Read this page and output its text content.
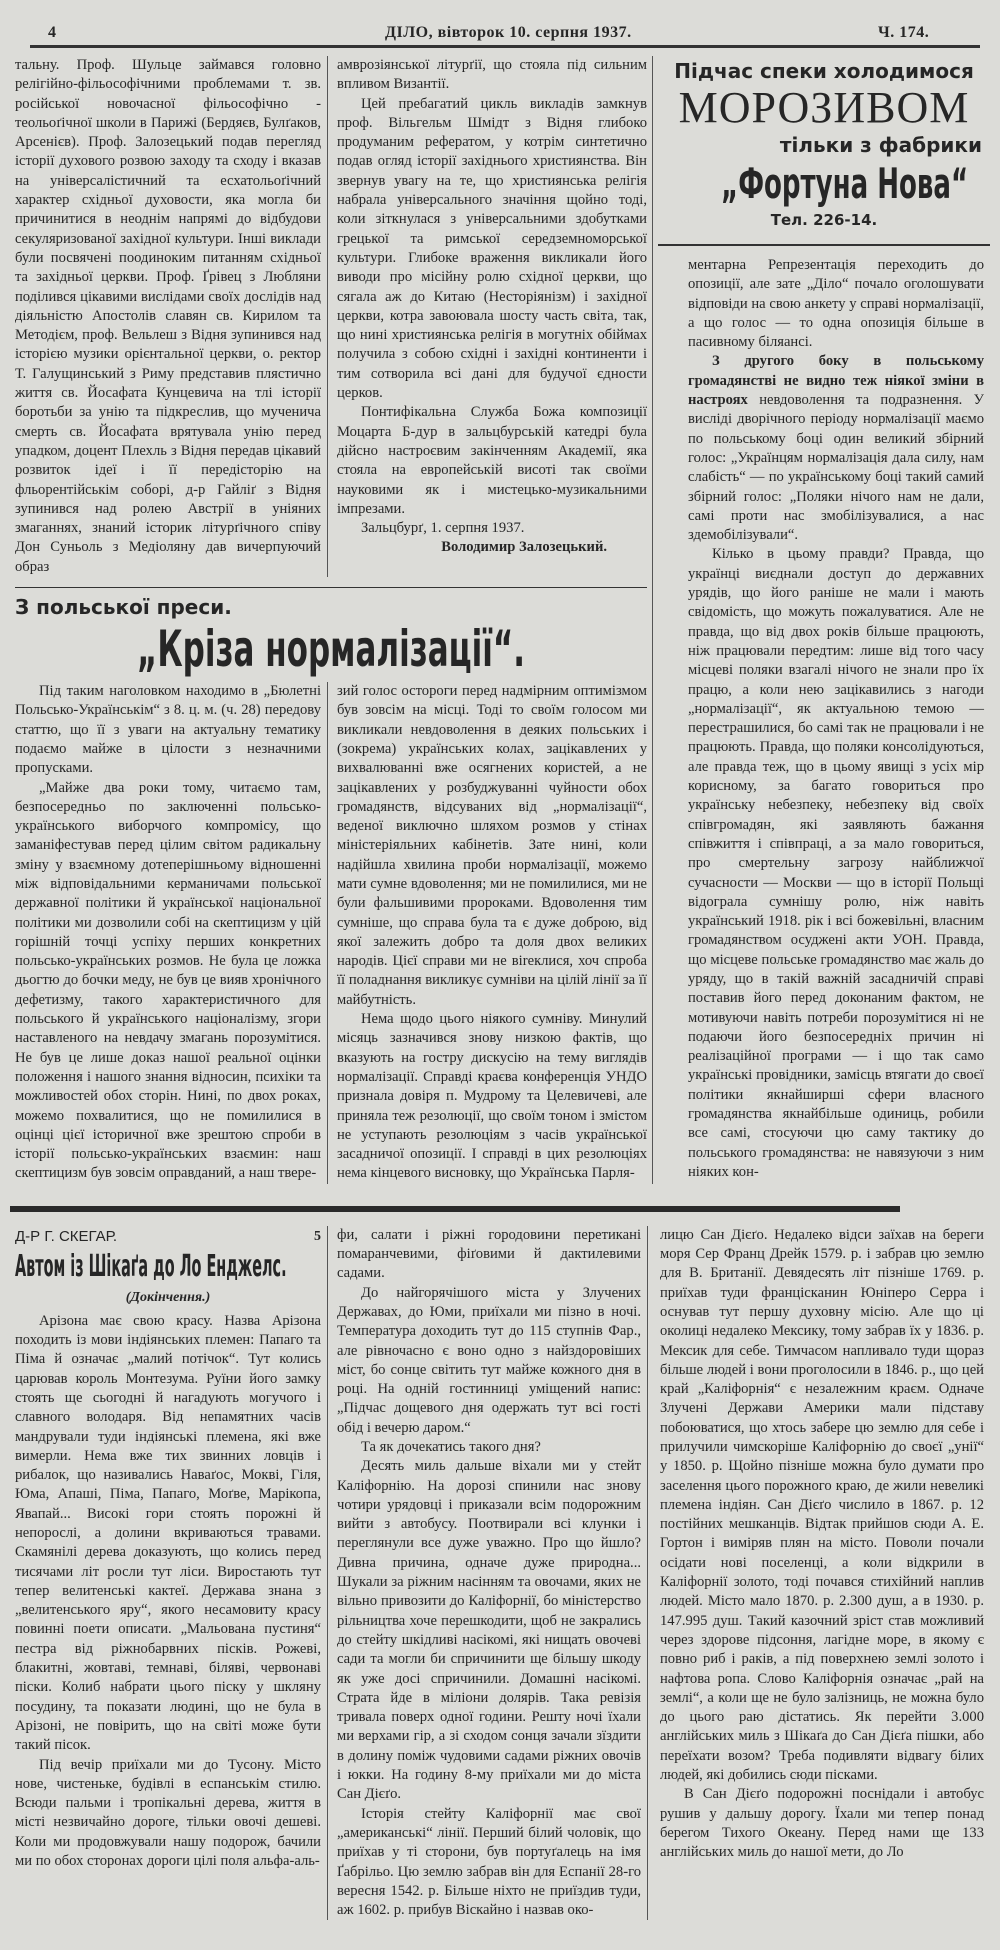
4	ДІЛО, вівторок 10. серпня 1937.	Ч. 174.

тальну. Проф. Шульце займався головно релігійно-фільософічними проблемами т. зв. російської новочасної фільософічно - теольоґічної школи в Парижі (Бердяєв, Булґаков, Арсенієв). Проф. Залозецький подав перегляд історії духового розвою заходу та сходу і вказав на універсалістичний та есхатольоґічний характер східньої духовости, яка могла би причинитися в неоднім напрямі до відбудови секуляризованої західної культури. Інші виклади були посвячені поодиноким питанням східньої та західньої церкви. Проф. Ґрівец з Любляни поділився цікавими вислідами своїх дослідів над діяльністю Апостолів славян св. Кирилом та Методієм, проф. Вельлеш з Відня зупинився над історією музики орієнтальної церкви, о. ректор Т. Галущинський з Риму представив плястично життя св. Йосафата Кунцевича на тлі історії боротьби за унію та підкреслив, що мученича смерть св. Йосафата врятувала унію перед упадком, доцент Плехль з Відня передав цікавий розвиток ідеї і її передісторію на фльорентійськім соборі, д-р Гайліґ з Відня зупинився над ролею Австрії в уніяних змаганнях, знаний історик літурґічного співу Дон Суньоль з Медіоляну дав вичерпуючий образ

амврозіянської літурґії, що стояла під сильним впливом Византії.

Цей пребагатий цикль викладів замкнув проф. Вільгельм Шмідт з Відня глибоко продуманим рефератом, у котрім синтетично подав огляд історії західнього християнства. Він звернув увагу на те, що християнська релігія набрала універсального значіння щойно тоді, коли зіткнулася з універсальними здобутками грецької та римської середземноморської культури. Глибоке враження викликали його виводи про місійну ролю східної церкви, що сягала аж до Китаю (Несторіянізм) і західної церкви, котра завоювала шосту часть світа, так, що нині християнська релігія в могутніх обіймах получила з собою східні і західні континенти і тим сотворила всі дані для будучої єдности церков.

Понтифікальна Служба Божа композиції Моцарта Б-дур в зальцбурській катедрі була дійсно настроєвим закінченням Академії, яка стояла на европейській висоті так своїми науковими як і мистецько-музикальними імпрезами.

Зальцбурґ, 1. серпня 1937.

Володимир Залозецький.

З польської преси.
„Кріза нормалізації“.

Під таким наголовком находимо в „Бюлетні Польсько-Українськім“ з 8. ц. м. (ч. 28) передову статтю, що її з уваги на актуальну тематику подаємо майже в цілости з незначними пропусками.

„Майже два роки тому, читаємо там, безпосередньо по заключенні польсько-українського виборчого компромісу, що заманіфестував перед цілим світом радикальну зміну у взаємному дотеперішньому відношенні між відповідальними керманичами польської державної політики й української національної політики ми дозволили собі на скептицизм у цій горішній точці успіху перших конкретних польсько-українських розмов. Не була це ложка дьогтю до бочки меду, не був це вияв хронічного дефетизму, такого характеристичного для польського й українського націоналізму, згори наставленого на невдачу змагань порозумітися. Не був це лише доказ нашої реальної оцінки положення і нашого знання відносин, психіки та можливостей обох сторін. Нині, по двох роках, можемо похвалитися, що не помилилися в оцінці цієї історичної вже зрештою спроби в історії польсько-українських взаємин: наш скептицизм був зовсім оправданий, а наш твере-

зий голос остороги перед надмірним оптимізмом був зовсім на місці. Тоді то своїм голосом ми викликали невдоволення в деяких польських і (зокрема) українських колах, зацікавлених у вихвалюванні вже осягнених користей, а не зацікавлених у розбуджуванні чуйности обох громадянств, відсуваних від „нормалізації“, веденої виключно шляхом розмов у стінах міністеріяльних кабінетів. Зате нині, коли надійшла хвилина проби нормалізації, можемо мати сумне вдоволення; ми не помилилися, ми не були фальшивими пророками. Вдоволення тим сумніше, що справа була та є дуже доброю, від якої залежить добро та доля двох великих народів. Цієї справи ми не вireклися, хоч спроба її поладнання викликує сумніви на цілій лінії за її майбутність.

Нема щодо цього ніякого сумніву. Минулий місяць зазначився знову низкою фактів, що вказують на гостру дискусію на тему виглядів нормалізації. Справді краєва конференція УНДО признала довіря п. Мудрому та Целевичеві, але приняла теж резолюції, що своїм тоном і змістом не уступають резолюціям з часів української засадничої опозиції. І справді в цих резолюціях нема кінцевого висновку, що Українська Парля-

Підчас спеки холодимося
МОРОЗИВОМ
тільки з фабрики
„Фортуна Нова“
Тел. 226-14.

ментарна Репрезентація переходить до опозиції, але зате „Діло“ почало оголошувати відповіди на свою анкету у справі нормалізації, а що голос — то одна опозиція більше в пасивному біляансі.

З другого боку в польському громадянстві не видно теж ніякої зміни в настроях невдоволення та подразнення. У висліді дворічного періоду нормалізації маємо по польському боці один великий збірний голос: „Українцям нормалізація дала силу, нам слабість“ — по українському боці такий самий збірний голос: „Поляки нічого нам не дали, самі проти нас змобілізувалися, а нас здемобілізували“.

Кілько в цьому правди? Правда, що українці виєднали доступ до державних урядів, що його раніше не мали і мають свідомість, що можуть пожалуватися. Але не правда, що від двох років більше працюють, ніж працювали передтим: лише від того часу місцеві поляки взагалі нічого не знали про їх працю, а коли нею зацікавились з нагоди „нормалізації“, як актуальною темою — перестрашилися, бо самі так не працювали і не працюють. Правда, що поляки консолідуються, але правда теж, що в цьому явищі з усіх мір корисному, за багато говориться про українську небезпеку, небезпеку від своїх співгромадян, які заявляють бажання співжиття і співпраці, а за мало говориться, про смертельну загрозу найближчої сучасности — Москви — що в історії Польщі відограла сумнішу ролю, ніж навіть український 1918. рік і всі божевільні, власним громадянством осуджені акти УОН. Правда, що місцеве польське громадянство має жаль до уряду, що в такій важній засадничій справі поставив його перед доконаним фактом, не мотивуючи навіть потреби порозумітися ні не подаючи його безпосередніх причин ні реалізаційної програми — і що так само українські провідники, замісць втягати до своєї політики якнайширші сфери власного громадянства якнайбільше одиниць, робили все самі, стосуючи цю саму тактику до польського громадянства: не навязуючи з ним ніяких кон-

Д-Р Г. СКЕГАР.	5
Автом із Шікаґа до Ло Енджелс.
(Докінчення.)

Арізона має свою красу. Назва Арізона походить із мови індіянських племен: Папаго та Піма й означає „малий потічок“. Тут колись царював король Монтезума. Руїни його замку стоять ще сьогодні й нагадують могучого і славного володаря. Від непамятних часів мандрували туди індіянські племена, які вже вимерли. Нема вже тих звинних ловців і рибалок, що називались Наваґос, Мокві, Гіля, Юма, Апаші, Піма, Папаго, Моґве, Марікопа, Явапай... Високі гори стоять порожні й непорослі, а долини вкриваються травами. Скамянілі дерева доказують, що колись перед тисячами літ росли тут ліси. Виростають тут тепер велитенські кактеї. Держава знана з „велитенського яру“, якого несамовиту красу повинні поети описати. „Мальована пустиня“ пестра від ріжнобарвних пісків. Рожеві, блакитні, жовтаві, темнаві, біляві, червонаві піски. Колиб набрати цього піску у шкляну посудину, та показати людині, що не була в Арізоні, не повірить, що на світі може бути такий пісок.

Під вечір приїхали ми до Тусону. Місто нове, чистеньке, будівлі в еспанськім стилю. Всюди пальми і тропікальні дерева, життя в місті незвичайно дороге, тільки овочі дешеві. Коли ми продовжували нашу подорож, бачили ми по обох сторонах дороги цілі поля альфа-аль-

фи, салати і ріжні городовини перетикані помаранчевими, фіґовими й дактилевими садами.

До найгорячішого міста у Злучених Державах, до Юми, приїхали ми пізно в ночі. Температура доходить тут до 115 ступнів Фар., але рівночасно є воно одно з найздоровіших міст, бо сонце світить тут майже кожного дня в році. На одній гостинниці уміщений напис: „Підчас дощевого дня одержать тут всі гості обід і вечерю даром.“

Та як дочекатись такого дня?

Десять миль дальше віхали ми у стейт Каліфорнію. На дорозі спинили нас знову чотири урядовці і приказали всім подорожним вийти з автобусу. Поотвирали всі клунки і переглянули все дуже уважно. Про що йшло? Дивна причина, одначе дуже природна... Шукали за ріжним насінням та овочами, яких не вільно привозити до Каліфорнії, бо міністерство рільництва хоче перешкодити, щоб не закрались до стейту шкідливі насікомі, які нищать овочеві сади та могли би спричинити ще більшу шкоду як уже досі спричинили. Домашні насікомі. Страта йде в міліони долярів. Така ревізія тривала поверх одної години. Решту ночі їхали ми верхами гір, а зі сходом сонця зачали зїздити в долину поміж чудовими садами ріжних овочів і юкки. На годину 8-му приїхали ми до міста Сан Дієґо.

Історія стейту Каліфорнії має свої „американські“ лінії. Перший білий чоловік, що приїхав у ті сторони, був портуґалець на імя Ґабрільо. Цю землю забрав він для Еспанії 28-го вересня 1542. р. Більше ніхто не приїздив туди, аж 1602. р. прибув Віскайно і назвав око-

лицю Сан Дієґо. Недалеко відси заїхав на береги моря Сер Франц Дрейк 1579. р. і забрав цю землю для В. Британії. Девядесять літ пізніше 1769. р. приїхав туди францісканин Юніперо Серра і оснував тут першу духовну місію. Але що ці околиці недалеко Мексику, тому забрав їх у 1836. р. Мексик для себе. Тимчасом напливало туди щораз більше людей і вони проголосили в 1846. р., що цей край „Каліфорнія“ є незалежним краєм. Одначе Злучені Держави Америки мали підставу побоюватися, що хтось забере цю землю для себе і прилучили чимскоріше Каліфорнію до своєї „унії“ у 1850. р. Щойно пізніше можна було думати про заселення цього порожного краю, де жили невеликі племена індіян. Сан Дієґо числило в 1867. р. 12 постійних мешканців. Відтак прийшов сюди А. Е. Гортон і виміряв плян на місто. Поволи почали осідати нові поселенці, а коли відкрили в Каліфорнії золото, тоді почався стихійний наплив людей. Місто мало 1870. р. 2.300 душ, а в 1930. р. 147.995 душ. Такий казочний зріст став можливий через здорове підсоння, лагідне море, в якому є повно риб і раків, а під поверхнею землі золото і нафтова ропа. Слово Каліфорнія означає „рай на землі“, а коли ще не було залізниць, не можна було до цього раю дістатись. Як перейти 3.000 англійських миль з Шікаґа до Сан Дієґа пішки, або переїхати возом? Треба подивляти відвагу білих людей, які добились сюди пісками.

В Сан Дієґо подорожні поснідали і автобус рушив у дальшу дорогу. Їхали ми тепер понад берегом Тихого Океану. Перед нами ще 133 англійських миль до нашої мети, до Ло
